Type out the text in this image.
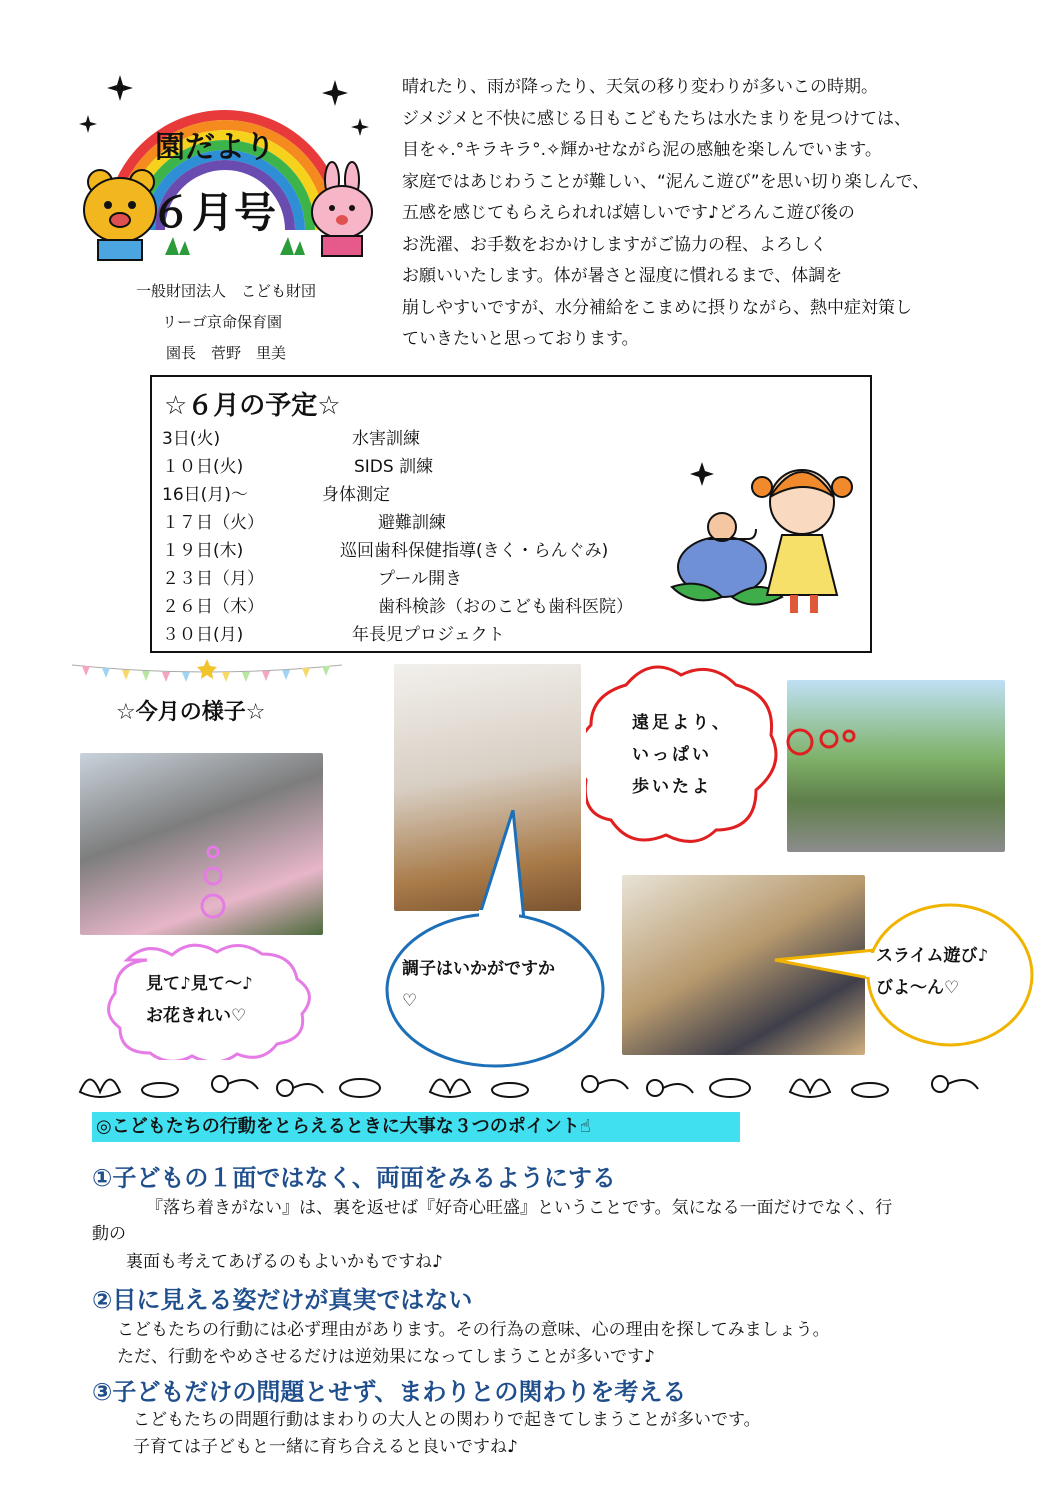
園だより
６月号
一般財団法人　こども財団
リーゴ京命保育園
園長　菅野　里美

晴れたり、雨が降ったり、天気の移り変わりが多いこの時期。

ジメジメと不快に感じる日もこどもたちは水たまりを見つけては、

目を✧.°キラキラ°.✧輝かせながら泥の感触を楽しんでいます。

家庭ではあじわうことが難しい、“泥んこ遊び”を思い切り楽しんで、

五感を感じてもらえられれば嬉しいです♪どろんこ遊び後の

お洗濯、お手数をおかけしますがご協力の程、よろしく

お願いいたします。体が暑さと湿度に慣れるまで、体調を

崩しやすいですが、水分補給をこまめに摂りながら、熱中症対策し

ていきたいと思っております。

☆６月の予定☆
3日(火)	水害訓練
１０日(火)	SIDS 訓練
16日(月)～	身体測定
１７日（火）	避難訓練
１９日(木)	巡回歯科保健指導(きく・らんぐみ)
２３日（月）	プール開き
２６日（木）	歯科検診（おのこども歯科医院）
３０日(月)	年長児プロジェクト
☆今月の様子☆
見て♪見て～♪
お花きれい♡
調子はいかがですか
♡
遠足より、
いっぱい
歩いたよ
スライム遊び♪
びよ～ん♡
◎こどもたちの行動をとらえるときに大事な３つのポイント☝
①子どもの１面ではなく、両面をみるようにする
『落ち着きがない』は、裏を返せば『好奇心旺盛』ということです。気になる一面だけでなく、行
動の
裏面も考えてあげるのもよいかもですね♪
②目に見える姿だけが真実ではない
こどもたちの行動には必ず理由があります。その行為の意味、心の理由を探してみましょう。
ただ、行動をやめさせるだけは逆効果になってしまうことが多いです♪
③子どもだけの問題とせず、まわりとの関わりを考える
こどもたちの問題行動はまわりの大人との関わりで起きてしまうことが多いです。
子育ては子どもと一緒に育ち合えると良いですね♪
